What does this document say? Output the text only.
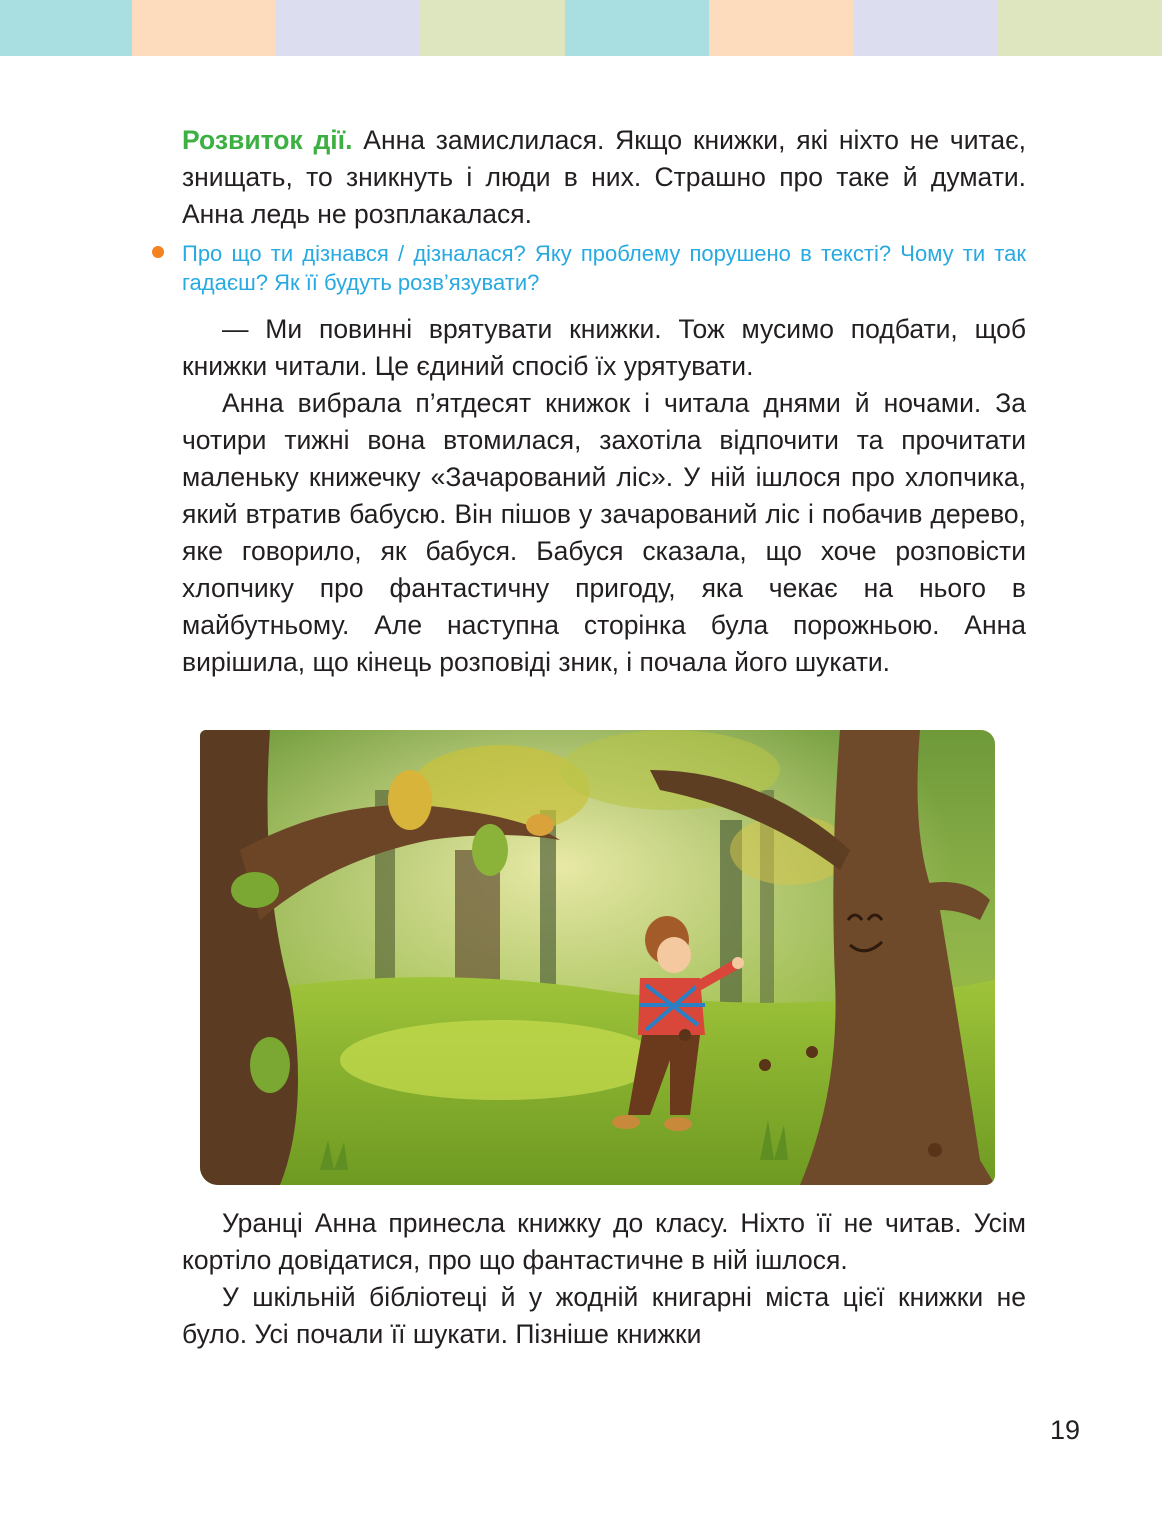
Розвиток дії. Анна замислилася. Якщо книжки, які ніхто не читає, знищать, то зникнуть і люди в них. Страшно про таке й думати. Анна ледь не розплакалася.

Про що ти дізнався / дізналася? Яку проблему порушено в тексті? Чому ти так гадаєш? Як її будуть розв’язувати?

— Ми повинні врятувати книжки. Тож мусимо подбати, щоб книжки читали. Це єдиний спосіб їх урятувати.

Анна вибрала п’ятдесят книжок і читала днями й ночами. За чотири тижні вона втомилася, захотіла відпочити та прочитати маленьку книжечку «Зачарований ліс». У ній ішлося про хлопчика, який втратив бабусю. Він пішов у зачарований ліс і побачив дерево, яке говорило, як бабуся. Бабуся сказала, що хоче розповісти хлопчику про фантастичну пригоду, яка чекає на нього в майбутньому. Але наступна сторінка була порожньою. Анна вирішила, що кінець розповіді зник, і почала його шукати.

Уранці Анна принесла книжку до класу. Ніхто її не читав. Усім кортіло довідатися, про що фантастичне в ній ішлося.

У шкільній бібліотеці й у жодній книгарні міста цієї книжки не було. Усі почали її шукати. Пізніше книжки

19
